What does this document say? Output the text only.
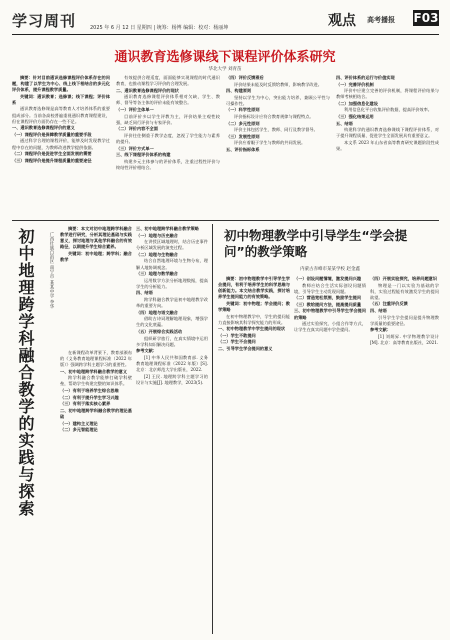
学习周刊	2025 年 6 月 12 日 星期四 | 统筹：杨博 编辑：校对：杨丽坤	观点 高考播报 F03
通识教育选修课线下课程评价体系研究
华北大学 刘青苗

摘要：针对目前通识选修课程评价体系存在的问题，构建了以学生为中心、线上线下相结合的多元化评价体系，提升课程教学质量。

关键词：通识教育；选修课；线下课程；评价体系

通识教育选修课是高等教育人才培养体系的重要组成部分。当前各高校普遍重视通识教育课程建设，但在课程评价方面仍存在一些不足。

一、通识教育选修课程评价的意义

（一）课程评价是保障教学质量的重要手段

通过科学合理的课程评价，能够及时发现教学过程中存在的问题，为教师改进教学提供依据。

（二）课程评价是促进学生全面发展的需要

（三）课程评价是提升课程质量的重要途径

有效提供合理适度，面面能够实现课程的时代通识教育，也推动课程学习评价的合理发展。

二、通识教育选修课程评价的现状

通识教育选修课程评价体系相对欠缺，学生、教师、督导等各主体的评价未能有效整合。

（一）评价主体单一

目前评价多以学生评教为主，评价结果主观性较强，缺乏同行评价与专家评价。

（二）评价内容不全面

评价往往侧重于教学态度，忽视了学生能力与素养的提升。

（三）评价方式单一

三、线下课程评价体系的构建

构建多元主体参与的评价体系，注重过程性评价与终结性评价相结合。

（四）评价反馈滞后

评价结果未能及时反馈给教师，影响教学改进。

四、构建原则

坚持以学生为中心，突出能力培养，兼顾公平性与可操作性。

（一）科学性原则

评价指标设计应符合教育规律与课程特点。

（二）多元性原则

评价主体包括学生、教师、同行及教学督导。

（三）发展性原则

评价应着眼于学生与教师的共同发展。

五、评价指标体系

四、评价体系的运行与价值实现

（一）完善评价机制

评价中应建立完善的评价机制，将课程评价结果与教师考核相结合。

（二）加强信息化建设

利用信息化平台收集评价数据，提高评价效率。

（三）强化结果运用

五、结语

构建科学的通识教育选修课线下课程评价体系，对于提升课程质量、促进学生全面发展具有重要意义。

本文系 2023 年山东省高等教育研究课题阶段性成果。

初中地理跨学科融合教学的实践与探索	广西壮族自治区 南宁市 某某中学 李华

摘要：本文对初中地理跨学科融合教学进行研究，分析其理论基础与实践意义，探讨地理与其他学科融合的有效路径，以期提升学生综合素养。

关键词：初中地理；跨学科；融合教学

在新课程改革背景下，教育部颁布的《义务教育地理课程标准（2022 年版）》强调跨学科主题学习的重要性。

一、初中地理跨学科融合教学的意义

跨学科融合教学能够打破学科壁垒，帮助学生构建完整的知识体系。

（一）有利于培养学生综合思维

（二）有利于提升学生学习兴趣

（三）有利于落实核心素养

二、初中地理跨学科融合教学的理论基础

（一）建构主义理论

（二）多元智能理论

三、初中地理跨学科融合教学策略

（一）地理与历史融合

在讲授区域地理时，结合历史事件分析区域发展的演变过程。

（二）地理与生物融合

结合自然地理环境与生物分布，理解人地协调观念。

（三）地理与数学融合

运用数学方法分析地理数据，提高学生的分析能力。

四、结语

跨学科融合教学是初中地理教学改革的重要方向。

（四）地理与语文融合

借助古诗词理解地理现象，增强学生的文化底蕴。

（五）开展综合实践活动

组织研学旅行，在真实情境中运用多学科知识解决问题。

参考文献：

[1] 中华人民共和国教育部. 义务教育地理课程标准（2022 年版）[S]. 北京：北京师范大学出版社，2022.

[2] 王民. 地理跨学科主题学习的设计与实施[J]. 地理教学，2023(5).

初中物理教学中引导学生“学会提问”的教学策略
内蒙古赤峰市某某学校 赵金鑫

摘要：初中物理教学中引导学生学会提问，有利于培养学生的科学思维与创新能力。本文结合教学实践，探讨培养学生提问能力的有效策略。

关键词：初中物理；学会提问；教学策略

在初中物理教学中，学生的提问能力直接影响其科学探究能力的形成。

一、初中物理教学中学生提问的现状

（一）学生不敢提问

（二）学生不会提问

二、引导学生学会提问的意义

（一）创设问题情境，激发提问兴趣

教师应结合生活实际创设问题情境，引导学生主动发现问题。

（二）营造宽松氛围，鼓励学生提问

（三）教给提问方法，提高提问质量

三、初中物理教学中引导学生学会提问的策略

通过实验探究、小组合作等方式，让学生在真实问题中学会提问。

（四）开展实验探究，培养问题意识

物理是一门以实验为基础的学科，实验过程能有效激发学生的提问欲望。

（五）注重评价反馈

四、结语

引导学生学会提问是提升物理教学质量的重要途径。

参考文献：

[1] 刘炳昇. 中学物理教学设计[M]. 北京：高等教育出版社，2021.
